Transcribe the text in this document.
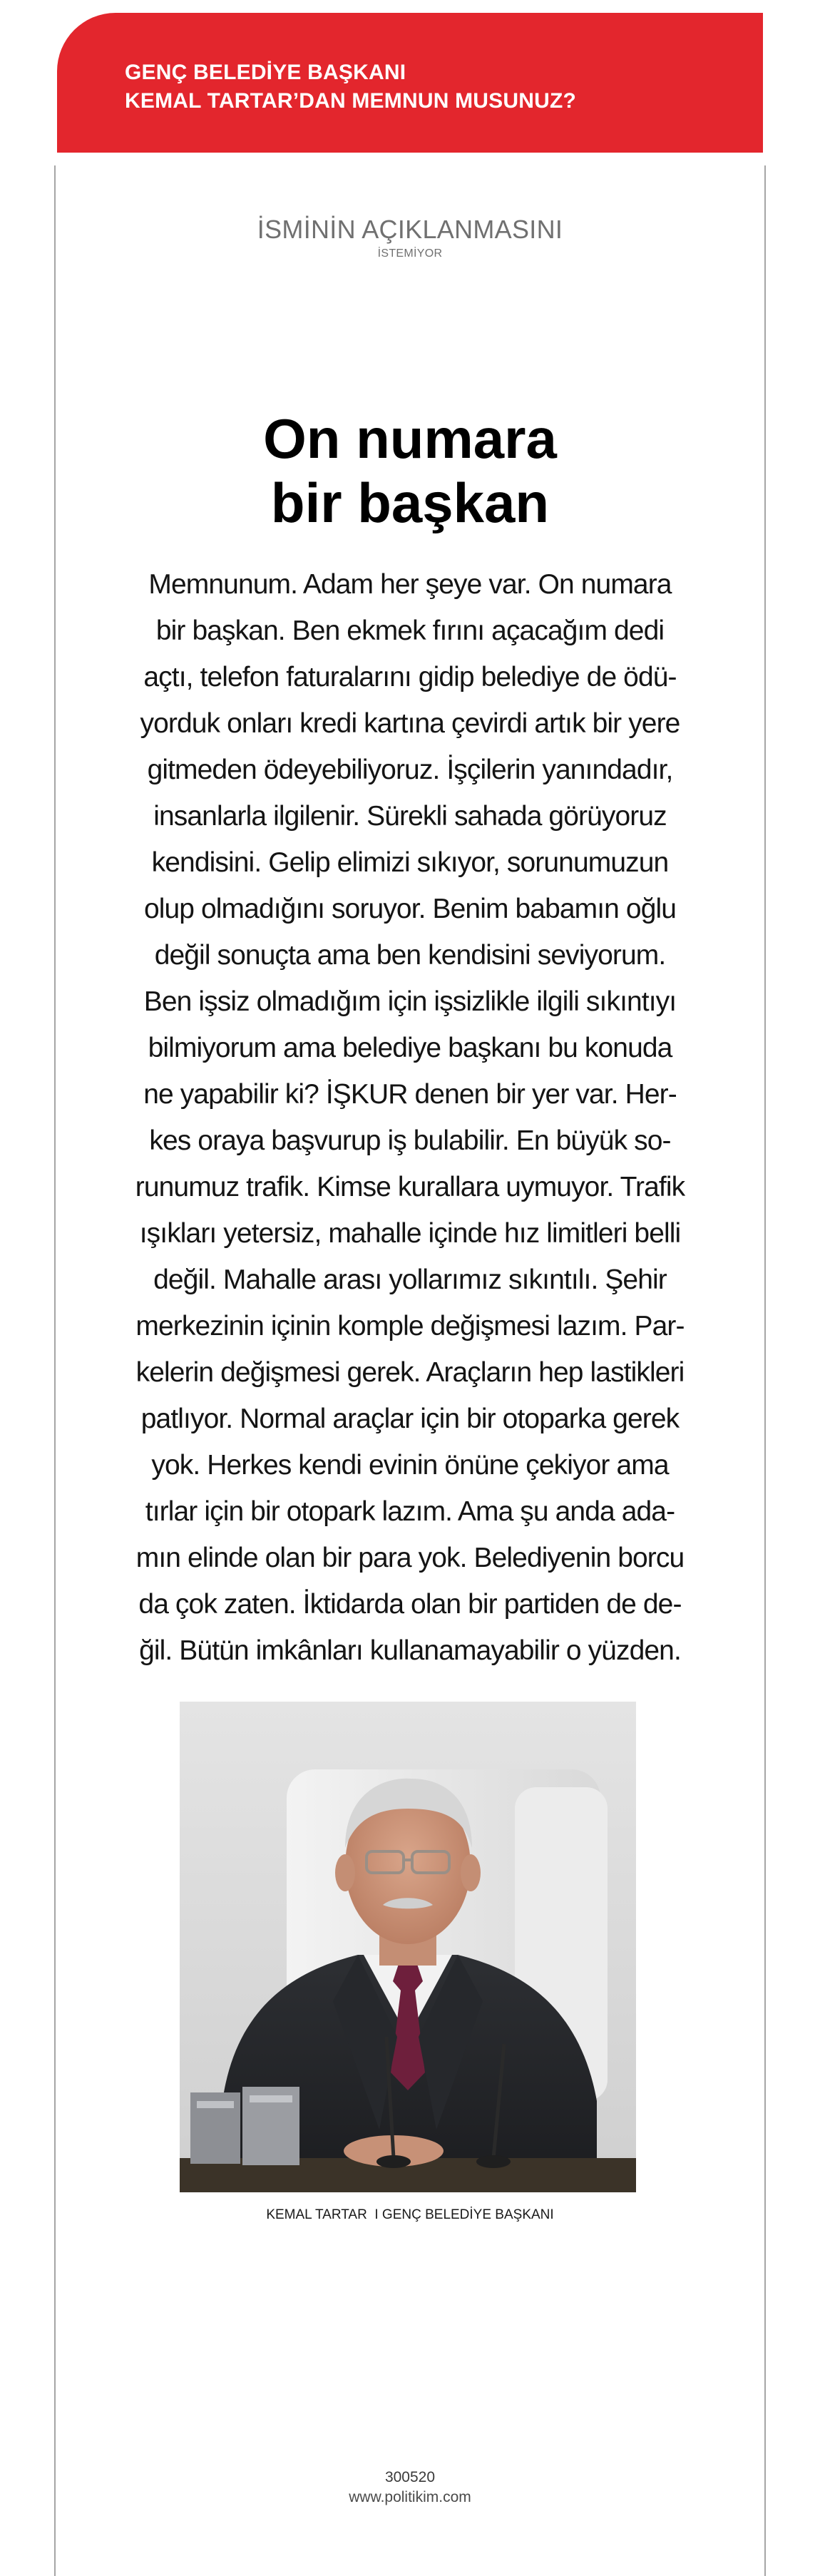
GENÇ BELEDİYE BAŞKANI
KEMAL TARTAR’DAN MEMNUN MUSUNUZ?
İSMİNİN AÇIKLANMASINI
İSTEMİYOR
On numara
bir başkan

Memnunum. Adam her şeye var. On numara
bir başkan. Ben ekmek fırını açacağım dedi
açtı, telefon faturalarını gidip belediye de ödü-
yorduk onları kredi kartına çevirdi artık bir yere
gitmeden ödeyebiliyoruz. İşçilerin yanındadır,
insanlarla ilgilenir. Sürekli sahada görüyoruz
kendisini. Gelip elimizi sıkıyor, sorunumuzun
olup olmadığını soruyor. Benim babamın oğlu
değil sonuçta ama ben kendisini seviyorum.
Ben işsiz olmadığım için işsizlikle ilgili sıkıntıyı
bilmiyorum ama belediye başkanı bu konuda
ne yapabilir ki? İŞKUR denen bir yer var. Her-
kes oraya başvurup iş bulabilir. En büyük so-
runumuz trafik. Kimse kurallara uymuyor. Trafik
ışıkları yetersiz, mahalle içinde hız limitleri belli
değil. Mahalle arası yollarımız sıkıntılı. Şehir
merkezinin içinin komple değişmesi lazım. Par-
kelerin değişmesi gerek. Araçların hep lastikleri
patlıyor. Normal araçlar için bir otoparka gerek
yok. Herkes kendi evinin önüne çekiyor ama
tırlar için bir otopark lazım. Ama şu anda ada-
mın elinde olan bir para yok. Belediyenin borcu
da çok zaten. İktidarda olan bir partiden de de-
ğil. Bütün imkânları kullanamayabilir o yüzden.

KEMAL TARTAR  I GENÇ BELEDİYE BAŞKANI
300520
www.politikim.com
